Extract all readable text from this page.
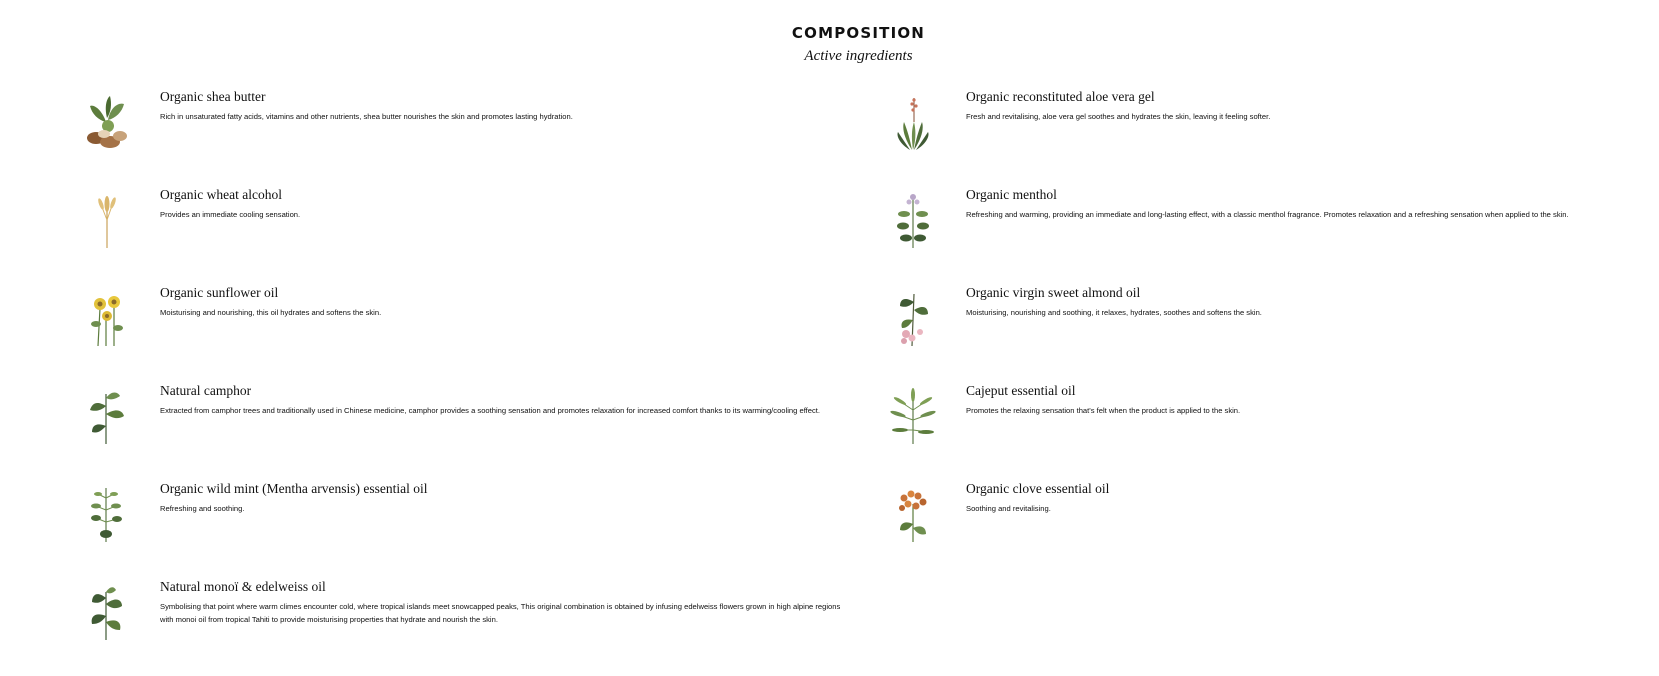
COMPOSITION
Active ingredients
Organic shea butter
Rich in unsaturated fatty acids, vitamins and other nutrients, shea butter nourishes the skin and promotes lasting hydration.
Organic wheat alcohol
Provides an immediate cooling sensation.
Organic sunflower oil
Moisturising and nourishing, this oil hydrates and softens the skin.
Natural camphor
Extracted from camphor trees and traditionally used in Chinese medicine, camphor provides a soothing sensation and promotes relaxation for increased comfort thanks to its warming/cooling effect.
Organic wild mint (Mentha arvensis) essential oil
Refreshing and soothing.
Natural monoï & edelweiss oil
Symbolising that point where warm climes encounter cold, where tropical islands meet snowcapped peaks, This original combination is obtained by infusing edelweiss flowers grown in high alpine regions with monoi oil from tropical Tahiti to provide moisturising properties that hydrate and nourish the skin.
Organic reconstituted aloe vera gel
Fresh and revitalising, aloe vera gel soothes and hydrates the skin, leaving it feeling softer.
Organic menthol
Refreshing and warming, providing an immediate and long-lasting effect, with a classic menthol fragrance. Promotes relaxation and a refreshing sensation when applied to the skin.
Organic virgin sweet almond oil
Moisturising, nourishing and soothing, it relaxes, hydrates, soothes and softens the skin.
Cajeput essential oil
Promotes the relaxing sensation that's felt when the product is applied to the skin.
Organic clove essential oil
Soothing and revitalising.
